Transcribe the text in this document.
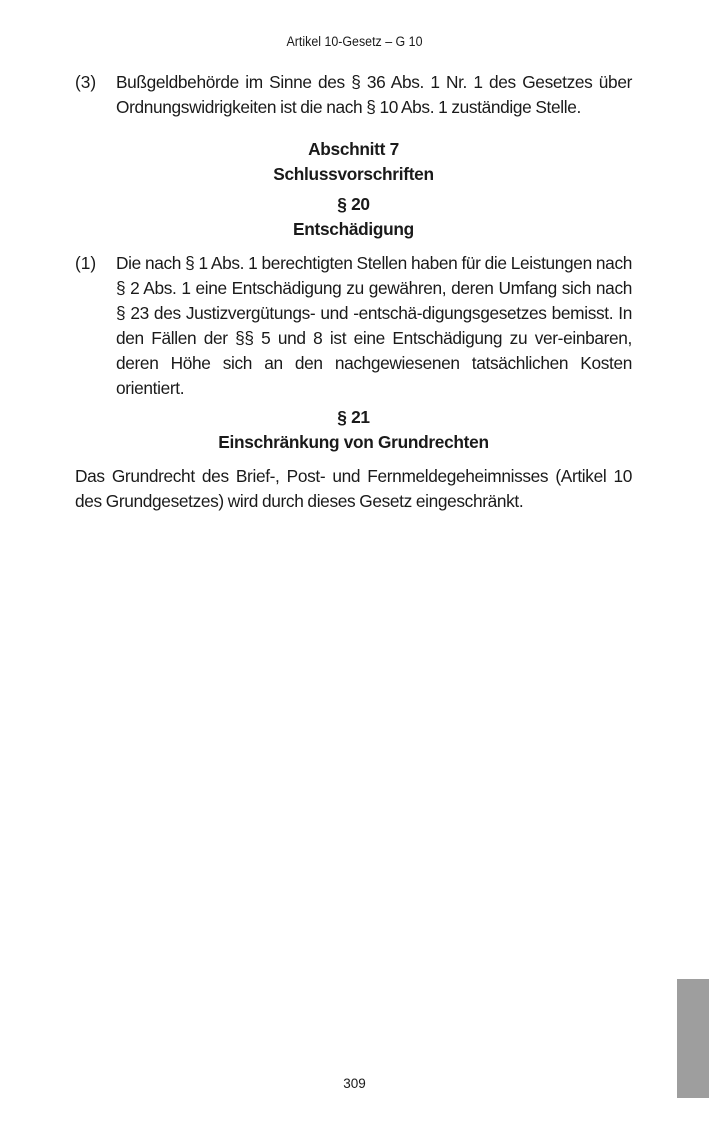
Artikel 10-Gesetz – G 10
(3)	Bußgeldbehörde im Sinne des § 36 Abs. 1 Nr. 1 des Gesetzes über Ordnungswidrigkeiten ist die nach § 10 Abs. 1 zuständige Stelle.
Abschnitt 7
Schlussvorschriften
§ 20
Entschädigung
(1)	Die nach § 1 Abs. 1 berechtigten Stellen haben für die Leistungen nach § 2 Abs. 1 eine Entschädigung zu gewähren, deren Umfang sich nach § 23 des Justizvergütungs- und -entschä-digungsgesetzes bemisst. In den Fällen der §§ 5 und 8 ist eine Entschädigung zu ver-einbaren, deren Höhe sich an den nachgewiesenen tatsächlichen Kosten orientiert.
§ 21
Einschränkung von Grundrechten
Das Grundrecht des Brief-, Post- und Fernmeldegeheimnisses (Artikel 10 des Grundgesetzes) wird durch dieses Gesetz eingeschränkt.
309
